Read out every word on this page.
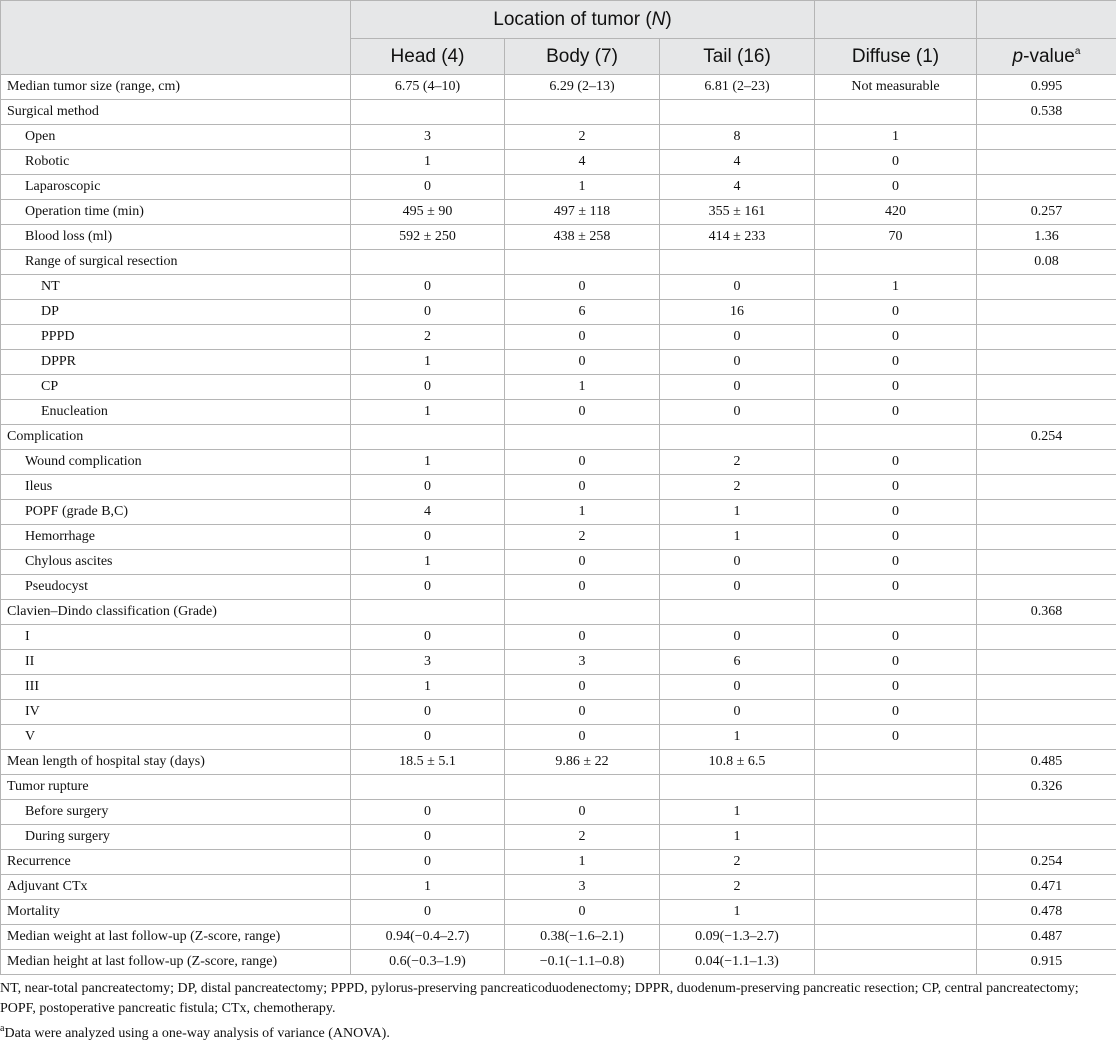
	Location of tumor (N)				
	Head (4)	Body (7)	Tail (16)	Diffuse (1)	p-value$^a$
Median tumor size (range, cm)	6.75 (4–10)	6.29 (2–13)	6.81 (2–23)	Not measurable	0.995
Surgical method					0.538
Open	3	2	8	1	
Robotic	1	4	4	0	
Laparoscopic	0	1	4	0	
Operation time (min)	495 ± 90	497 ± 118	355 ± 161	420	0.257
Blood loss (ml)	592 ± 250	438 ± 258	414 ± 233	70	1.36
Range of surgical resection					0.08
NT	0	0	0	1	
DP	0	6	16	0	
PPPD	2	0	0	0	
DPPR	1	0	0	0	
CP	0	1	0	0	
Enucleation	1	0	0	0	
Complication					0.254
Wound complication	1	0	2	0	
Ileus	0	0	2	0	
POPF (grade B,C)	4	1	1	0	
Hemorrhage	0	2	1	0	
Chylous ascites	1	0	0	0	
Pseudocyst	0	0	0	0	
Clavien–Dindo classification (Grade)					0.368
I	0	0	0	0	
II	3	3	6	0	
III	1	0	0	0	
IV	0	0	0	0	
V	0	0	1	0	
Mean length of hospital stay (days)	18.5 ± 5.1	9.86 ± 22	10.8 ± 6.5		0.485
Tumor rupture					0.326
Before surgery	0	0	1		
During surgery	0	2	1		
Recurrence	0	1	2		0.254
Adjuvant CTx	1	3	2		0.471
Mortality	0	0	1		0.478
Median weight at last follow-up (Z-score, range)	0.94(−0.4–2.7)	0.38(−1.6–2.1)	0.09(−1.3–2.7)		0.487
Median height at last follow-up (Z-score, range)	0.6(−0.3–1.9)	−0.1(−1.1–0.8)	0.04(−1.1–1.3)		0.915
NT, near-total pancreatectomy; DP, distal pancreatectomy; PPPD, pylorus-preserving pancreaticoduodenectomy; DPPR, duodenum-preserving pancreatic resection; CP, central pancreatectomy; POPF, postoperative pancreatic fistula; CTx, chemotherapy.
$^a$Data were analyzed using a one-way analysis of variance (ANOVA).
